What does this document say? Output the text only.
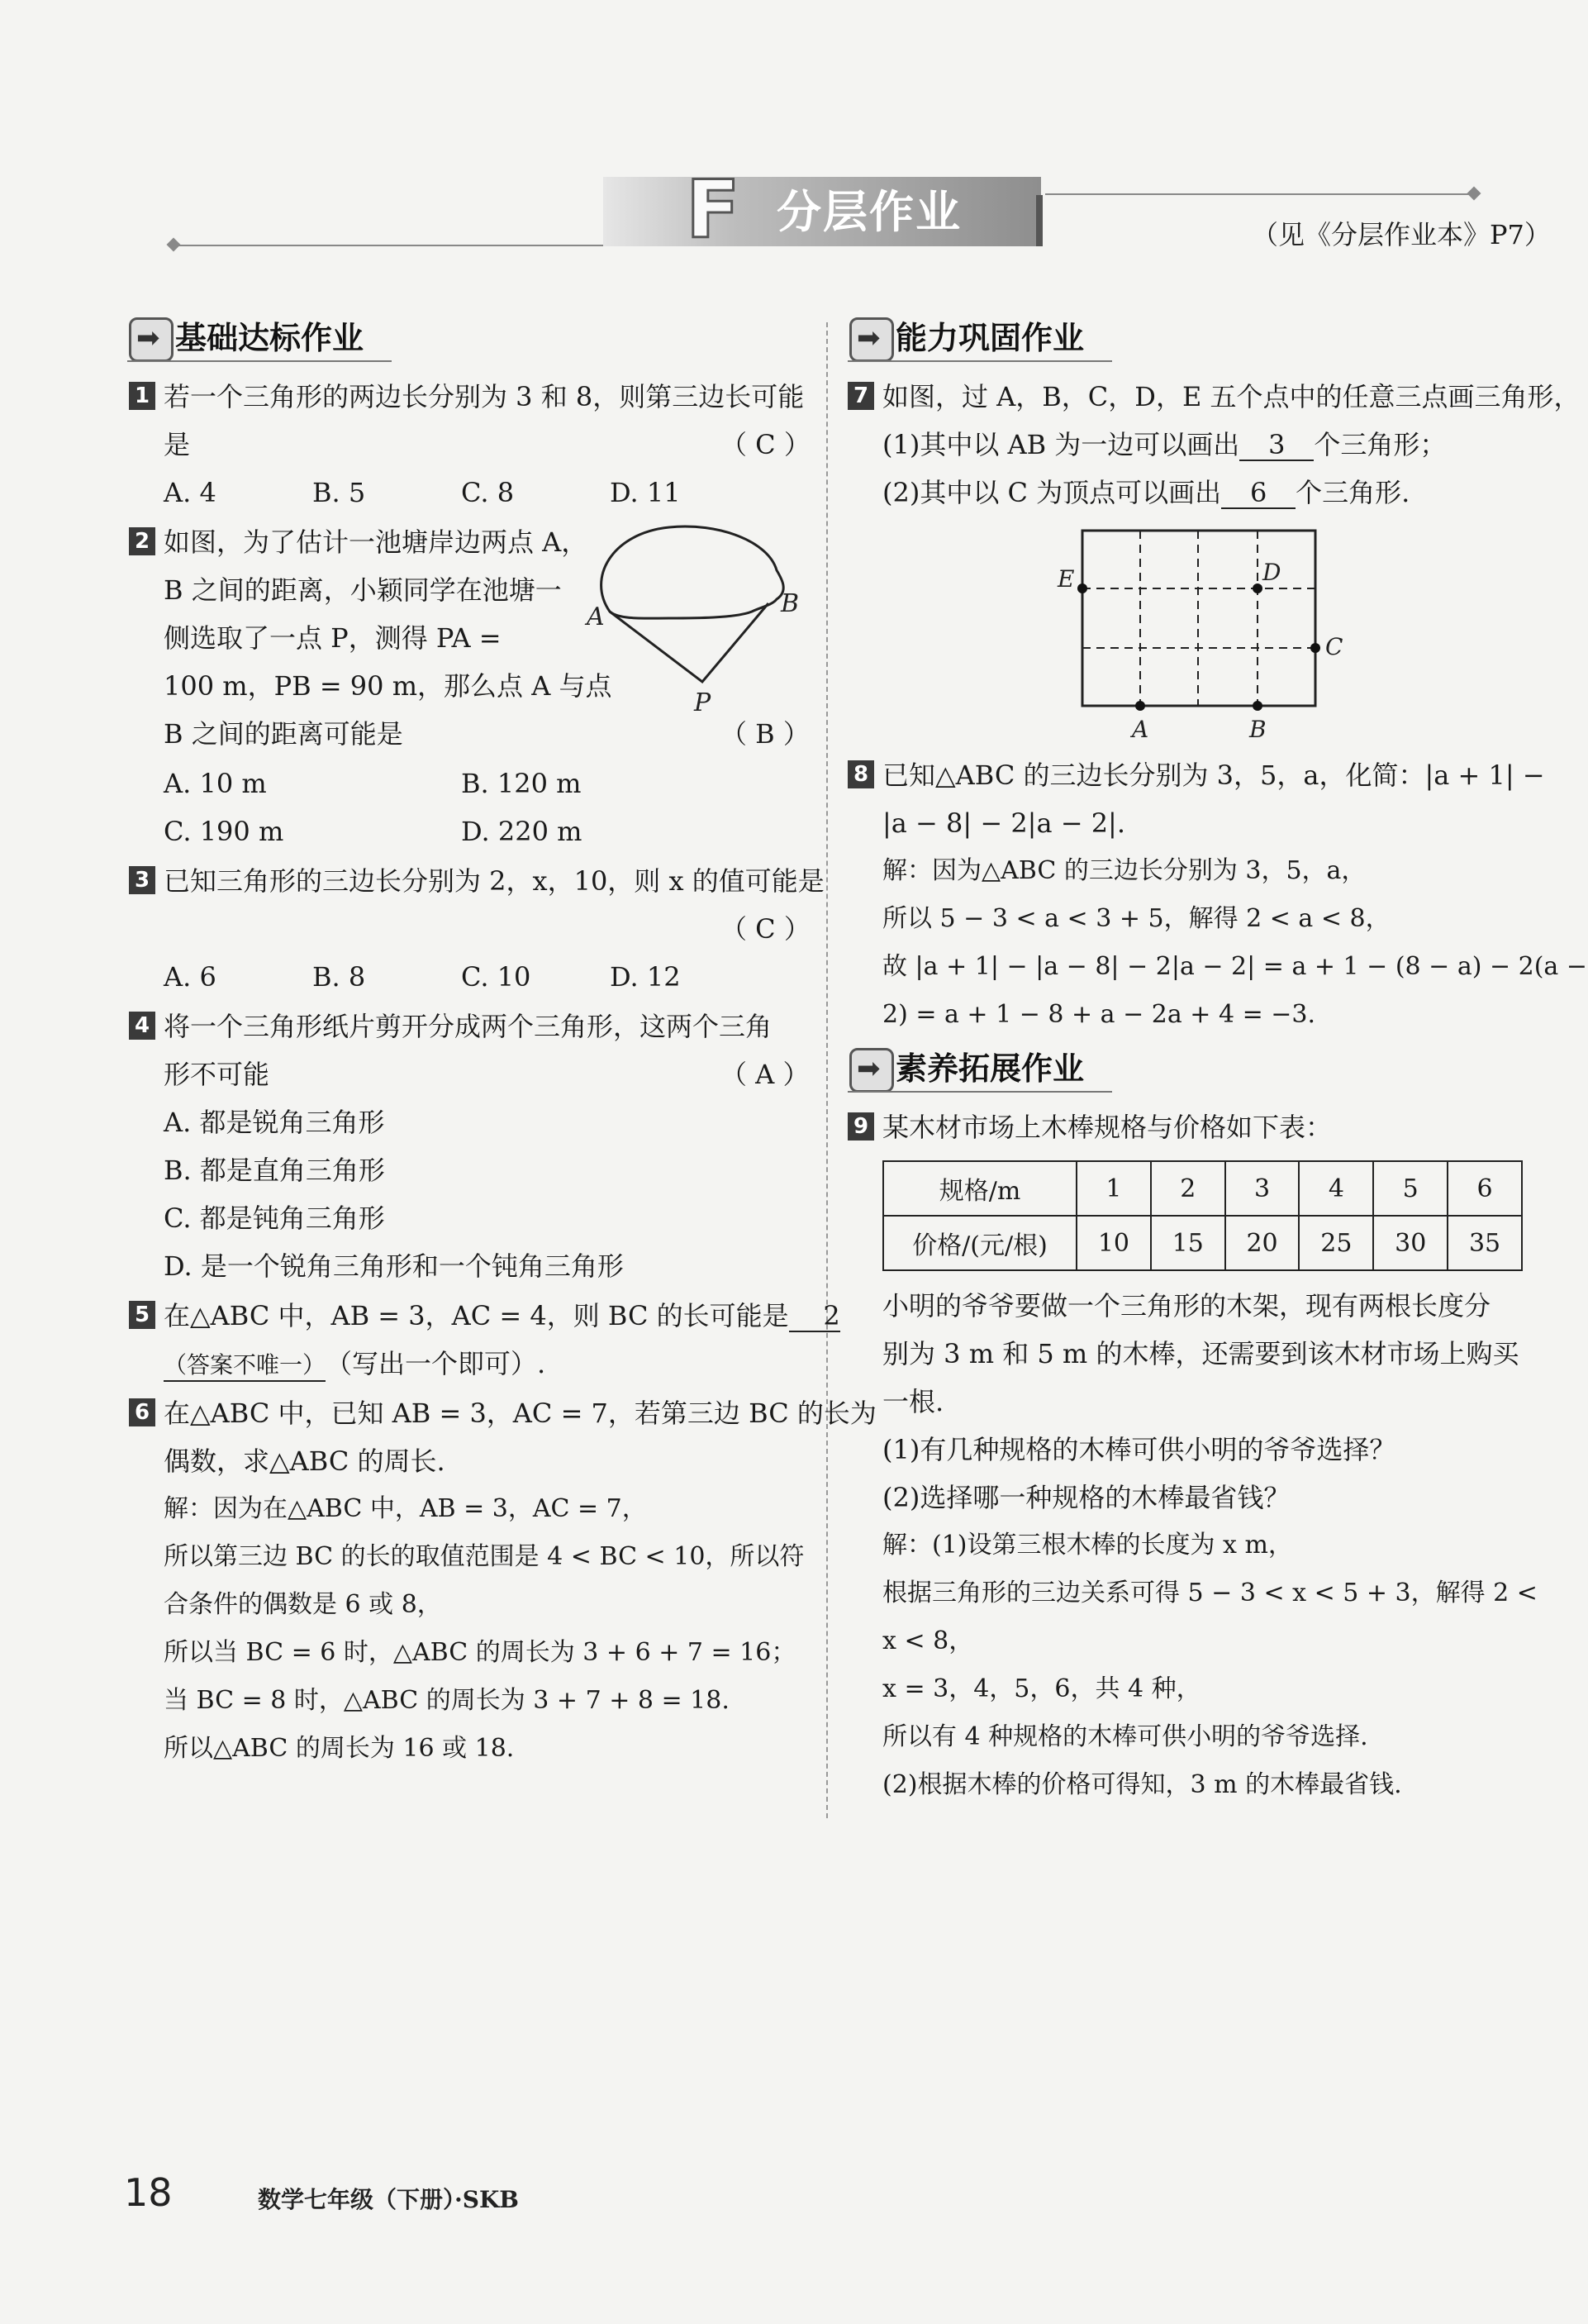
F 分层作业	（见《分层作业本》P7）
➡ 基础达标作业
1 若一个三角形的两边长分别为 3 和 8，则第三边长可能
是	（ C ）
A. 4	B. 5	C. 8	D. 11
2 如图，为了估计一池塘岸边两点 A，
B 之间的距离，小颖同学在池塘一
侧选取了一点 P，测得 PA =
100 m，PB = 90 m，那么点 A 与点
B 之间的距离可能是	（ B ）
A	B
P
A. 10 m	B. 120 m
C. 190 m	D. 220 m
3 已知三角形的三边长分别为 2，x，10，则 x 的值可能是
（ C ）
A. 6	B. 8	C. 10	D. 12
4 将一个三角形纸片剪开分成两个三角形，这两个三角
形不可能	（ A ）
A. 都是锐角三角形
B. 都是直角三角形
C. 都是钝角三角形
D. 是一个锐角三角形和一个钝角三角形
5 在△ABC 中，AB = 3，AC = 4，则 BC 的长可能是 2
（答案不唯一）（写出一个即可）.
6 在△ABC 中，已知 AB = 3，AC = 7，若第三边 BC 的长为
偶数，求△ABC 的周长.
解：因为在△ABC 中，AB = 3，AC = 7，
所以第三边 BC 的长的取值范围是 4 < BC < 10，所以符
合条件的偶数是 6 或 8，
所以当 BC = 6 时，△ABC 的周长为 3 + 6 + 7 = 16；
当 BC = 8 时，△ABC 的周长为 3 + 7 + 8 = 18.
所以△ABC 的周长为 16 或 18.
➡ 能力巩固作业
7 如图，过 A，B，C，D，E 五个点中的任意三点画三角形，
(1)其中以 AB 为一边可以画出 3 个三角形；
(2)其中以 C 为顶点可以画出 6 个三角形.
E	D
C
A	B
8 已知△ABC 的三边长分别为 3，5，a，化简：|a + 1| −
|a − 8| − 2|a − 2|.
解：因为△ABC 的三边长分别为 3，5，a，
所以 5 − 3 < a < 3 + 5，解得 2 < a < 8，
故 |a + 1| − |a − 8| − 2|a − 2| = a + 1 − (8 − a) − 2(a −
2) = a + 1 − 8 + a − 2a + 4 = −3.
➡ 素养拓展作业
9 某木材市场上木棒规格与价格如下表：
规格/m	1	2	3	4	5	6
价格/(元/根)	10	15	20	25	30	35
小明的爷爷要做一个三角形的木架，现有两根长度分
别为 3 m 和 5 m 的木棒，还需要到该木材市场上购买
一根.
(1)有几种规格的木棒可供小明的爷爷选择？
(2)选择哪一种规格的木棒最省钱？
解：(1)设第三根木棒的长度为 x m，
根据三角形的三边关系可得 5 − 3 < x < 5 + 3，解得 2 <
x < 8，
x = 3，4，5，6，共 4 种，
所以有 4 种规格的木棒可供小明的爷爷选择.
(2)根据木棒的价格可得知，3 m 的木棒最省钱.
18	数学七年级（下册）·SKB
